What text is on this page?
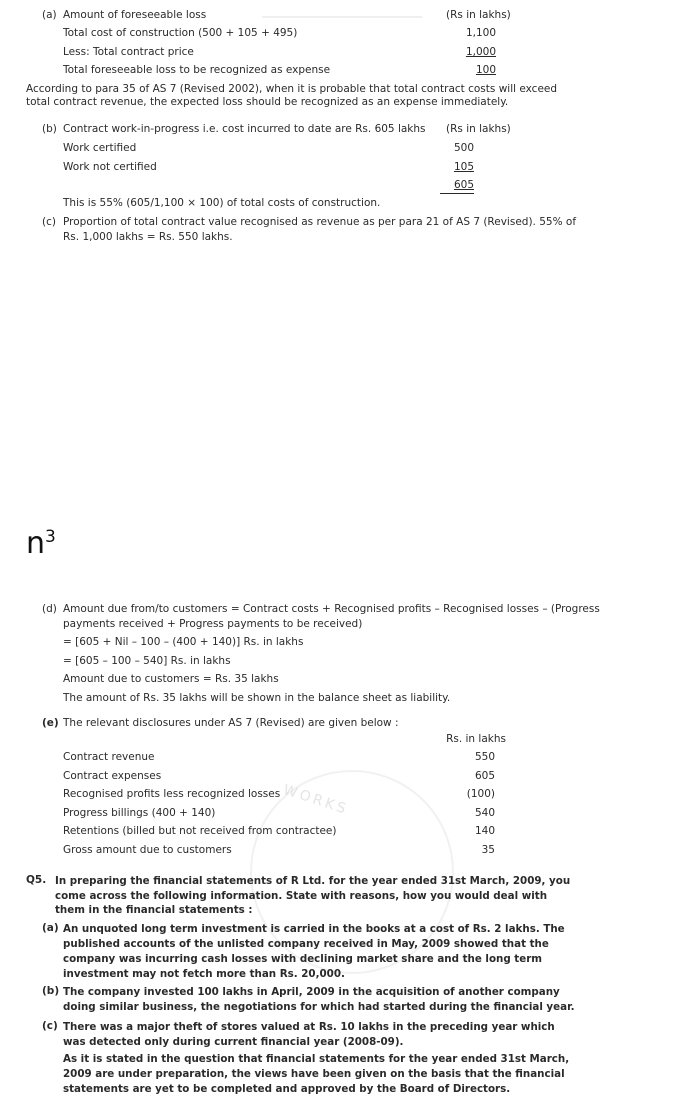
WORKS
(a) Amount of foreseeable loss	(Rs in lakhs)
Total cost of construction (500 + 105 + 495)	1,100
Less: Total contract price	1,000
Total foreseeable loss to be recognized as expense	100
According to para 35 of AS 7 (Revised 2002), when it is probable that total contract costs will exceed total contract revenue, the expected loss should be recognized as an expense immediately.
(b) Contract work-in-progress i.e. cost incurred to date are Rs. 605 lakhs (Rs in lakhs)
Work certified	500
Work not certified	105
605
This is 55% (605/1,100 × 100) of total costs of construction.
(c) Proportion of total contract value recognised as revenue as per para 21 of AS 7 (Revised). 55% of
Rs. 1,000 lakhs = Rs. 550 lakhs.
$n^3$
(d) Amount due from/to customers = Contract costs + Recognised profits – Recognised losses – (Progress
payments received + Progress payments to be received)
= [605 + Nil – 100 – (400 + 140)] Rs. in lakhs
= [605 – 100 – 540] Rs. in lakhs
Amount due to customers = Rs. 35 lakhs
The amount of Rs. 35 lakhs will be shown in the balance sheet as liability.
(e) The relevant disclosures under AS 7 (Revised) are given below :
Rs. in lakhs
Contract revenue	550
Contract expenses	605
Recognised profits less recognized losses	(100)
Progress billings (400 + 140)	540
Retentions (billed but not received from contractee)	140
Gross amount due to customers	35
Q5. In preparing the financial statements of R Ltd. for the year ended 31st March, 2009, you come across the following information. State with reasons, how you would deal with them in the financial statements :
(a) An unquoted long term investment is carried in the books at a cost of Rs. 2 lakhs. The published accounts of the unlisted company received in May, 2009 showed that the company was incurring cash losses with declining market share and the long term investment may not fetch more than Rs. 20,000.
(b) The company invested 100 lakhs in April, 2009 in the acquisition of another company doing similar business, the negotiations for which had started during the financial year.
(c) There was a major theft of stores valued at Rs. 10 lakhs in the preceding year which was detected only during current financial year (2008-09).
As it is stated in the question that financial statements for the year ended 31st March, 2009 are under preparation, the views have been given on the basis that the financial statements are yet to be completed and approved by the Board of Directors.
